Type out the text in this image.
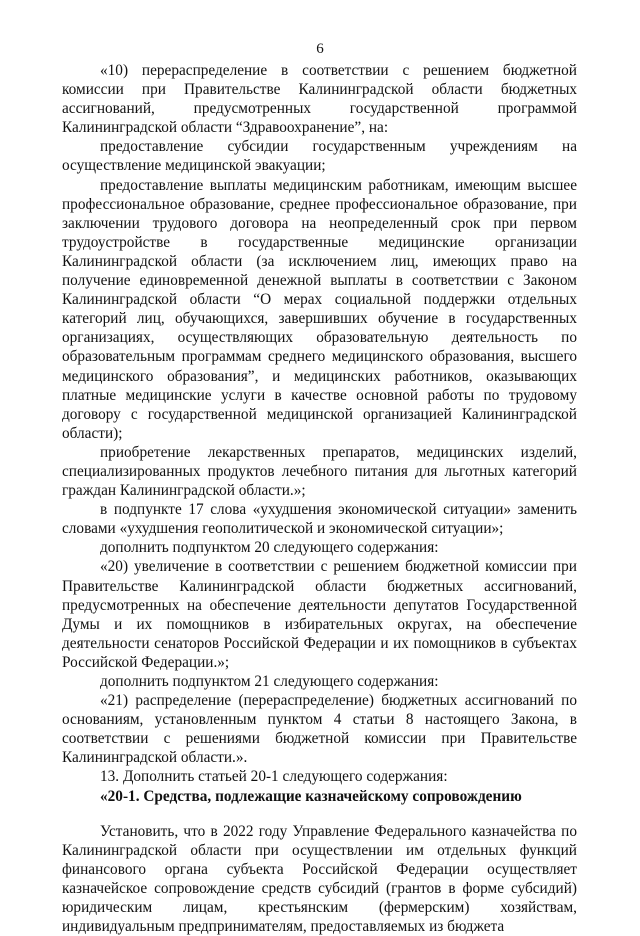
6

«10) перераспределение в соответствии с решением бюджетной комиссии при Правительстве Калининградской области бюджетных ассигнований, предусмотренных государственной программой Калининградской области “Здравоохранение”, на:

предоставление субсидии государственным учреждениям на осуществление медицинской эвакуации;

предоставление выплаты медицинским работникам, имеющим высшее профессиональное образование, среднее профессиональное образование, при заключении трудового договора на неопределенный срок при первом трудоустройстве в государственные медицинские организации Калининградской области (за исключением лиц, имеющих право на получение единовременной денежной выплаты в соответствии с Законом Калининградской области “О мерах социальной поддержки отдельных категорий лиц, обучающихся, завершивших обучение в государственных организациях, осуществляющих образовательную деятельность по образовательным программам среднего медицинского образования, высшего медицинского образования”, и медицинских работников, оказывающих платные медицинские услуги в качестве основной работы по трудовому договору с государственной медицинской организацией Калининградской области);

приобретение лекарственных препаратов, медицинских изделий, специализированных продуктов лечебного питания для льготных категорий граждан Калининградской области.»;

в подпункте 17 слова «ухудшения экономической ситуации» заменить словами «ухудшения геополитической и экономической ситуации»;

дополнить подпунктом 20 следующего содержания:

«20) увеличение в соответствии с решением бюджетной комиссии при Правительстве Калининградской области бюджетных ассигнований, предусмотренных на обеспечение деятельности депутатов Государственной Думы и их помощников в избирательных округах, на обеспечение деятельности сенаторов Российской Федерации и их помощников в субъектах Российской Федерации.»;

дополнить подпунктом 21 следующего содержания:

«21) распределение (перераспределение) бюджетных ассигнований по основаниям, установленным пунктом 4 статьи 8 настоящего Закона, в соответствии с решениями бюджетной комиссии при Правительстве Калининградской области.».

13. Дополнить статьей 20-1 следующего содержания:

«20-1. Средства, подлежащие казначейскому сопровождению

Установить, что в 2022 году Управление Федерального казначейства по Калининградской области при осуществлении им отдельных функций финансового органа субъекта Российской Федерации осуществляет казначейское сопровождение средств субсидий (грантов в форме субсидий) юридическим лицам, крестьянским (фермерским) хозяйствам, индивидуальным предпринимателям, предоставляемых из бюджета
